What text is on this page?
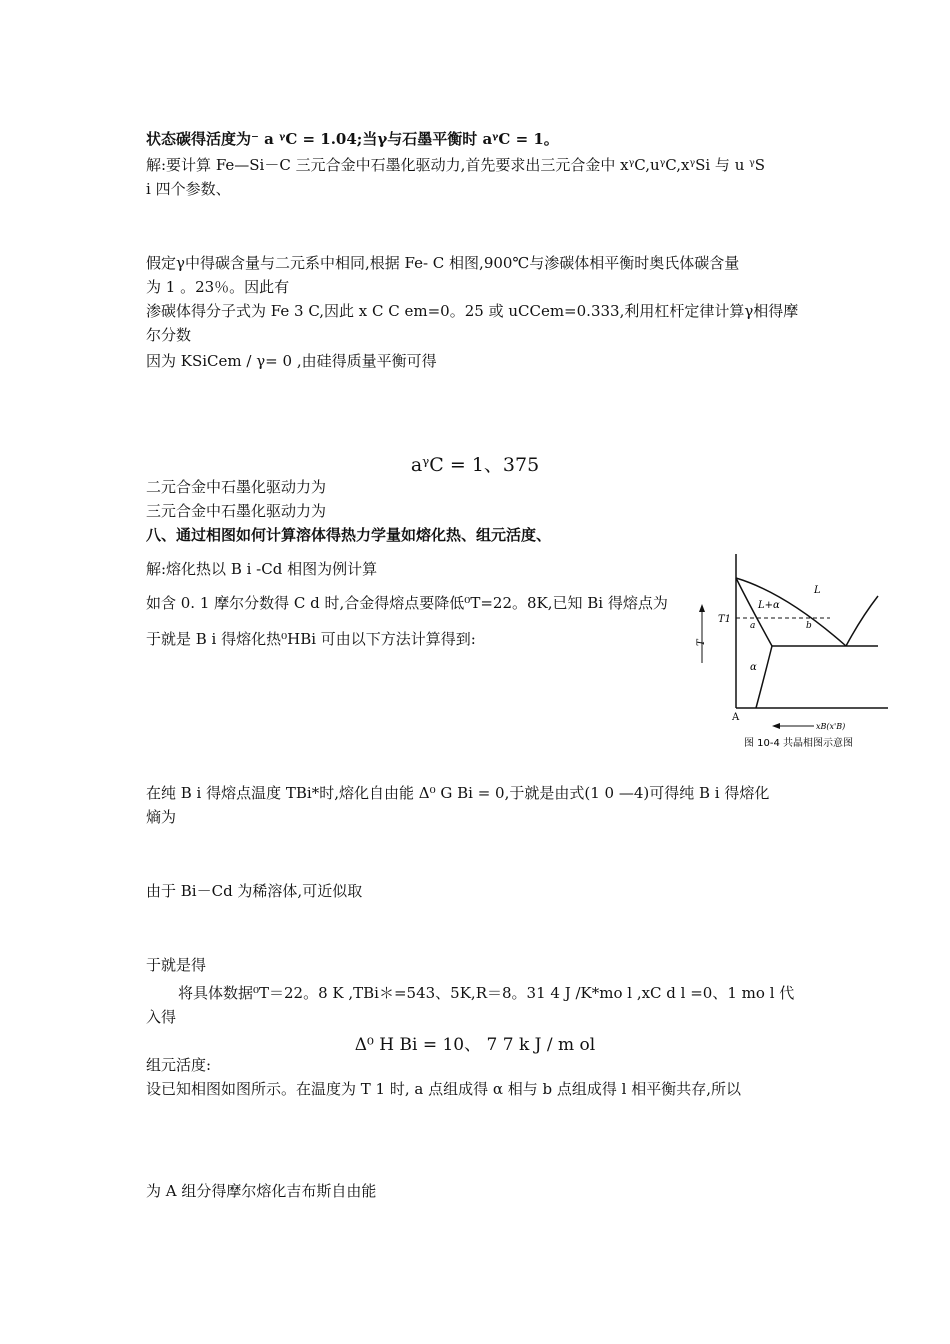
状态碳得活度为⁻ a ᵞC = 1.04;当γ与石墨平衡时 aᵞC = 1。
解:要计算 Fe—Si－C 三元合金中石墨化驱动力,首先要求出三元合金中 xᵞC,uᵞC,xᵞSi 与 u ᵞS
i 四个参数、
假定γ中得碳含量与二元系中相同,根据 Fe- C 相图,900℃与渗碳体相平衡时奥氏体碳含量
为 1 。23％。因此有
渗碳体得分子式为 Fe 3 C,因此 x C C em=0。25 或 uCCem=0.333,利用杠杆定律计算γ相得摩
尔分数
因为 KSiCem / γ= 0 ,由硅得质量平衡可得
aᵞC = 1、375
二元合金中石墨化驱动力为
三元合金中石墨化驱动力为
八、通过相图如何计算溶体得热力学量如熔化热、组元活度、
解:熔化热以 B i -Cd 相图为例计算
如含 0. 1 摩尔分数得 C d 时,合金得熔点要降低⁰T=22。8K,已知 Bi 得熔点为
于就是 B i 得熔化热⁰HBi 可由以下方法计算得到:
L
L+α
α
T1
T
A
a	b
xB(x'B)
图 10-4 共晶相图示意图
在纯 B i 得熔点温度 TBi*时,熔化自由能 Δ⁰ G Bi = 0,于就是由式(1 0 —4)可得纯 B i 得熔化
熵为
由于 Bi－Cd 为稀溶体,可近似取
于就是得
将具体数据⁰T＝22。8 K ,TBi＊=543、5K,R＝8。31 4 J /K*mo l ,xC d l =0、1 mo l 代
入得
Δ⁰ H Bi = 10、 7 7 k J / m ol
组元活度:
设已知相图如图所示。在温度为 T 1 时, a 点组成得 α 相与 b 点组成得 l 相平衡共存,所以
为 A 组分得摩尔熔化吉布斯自由能
